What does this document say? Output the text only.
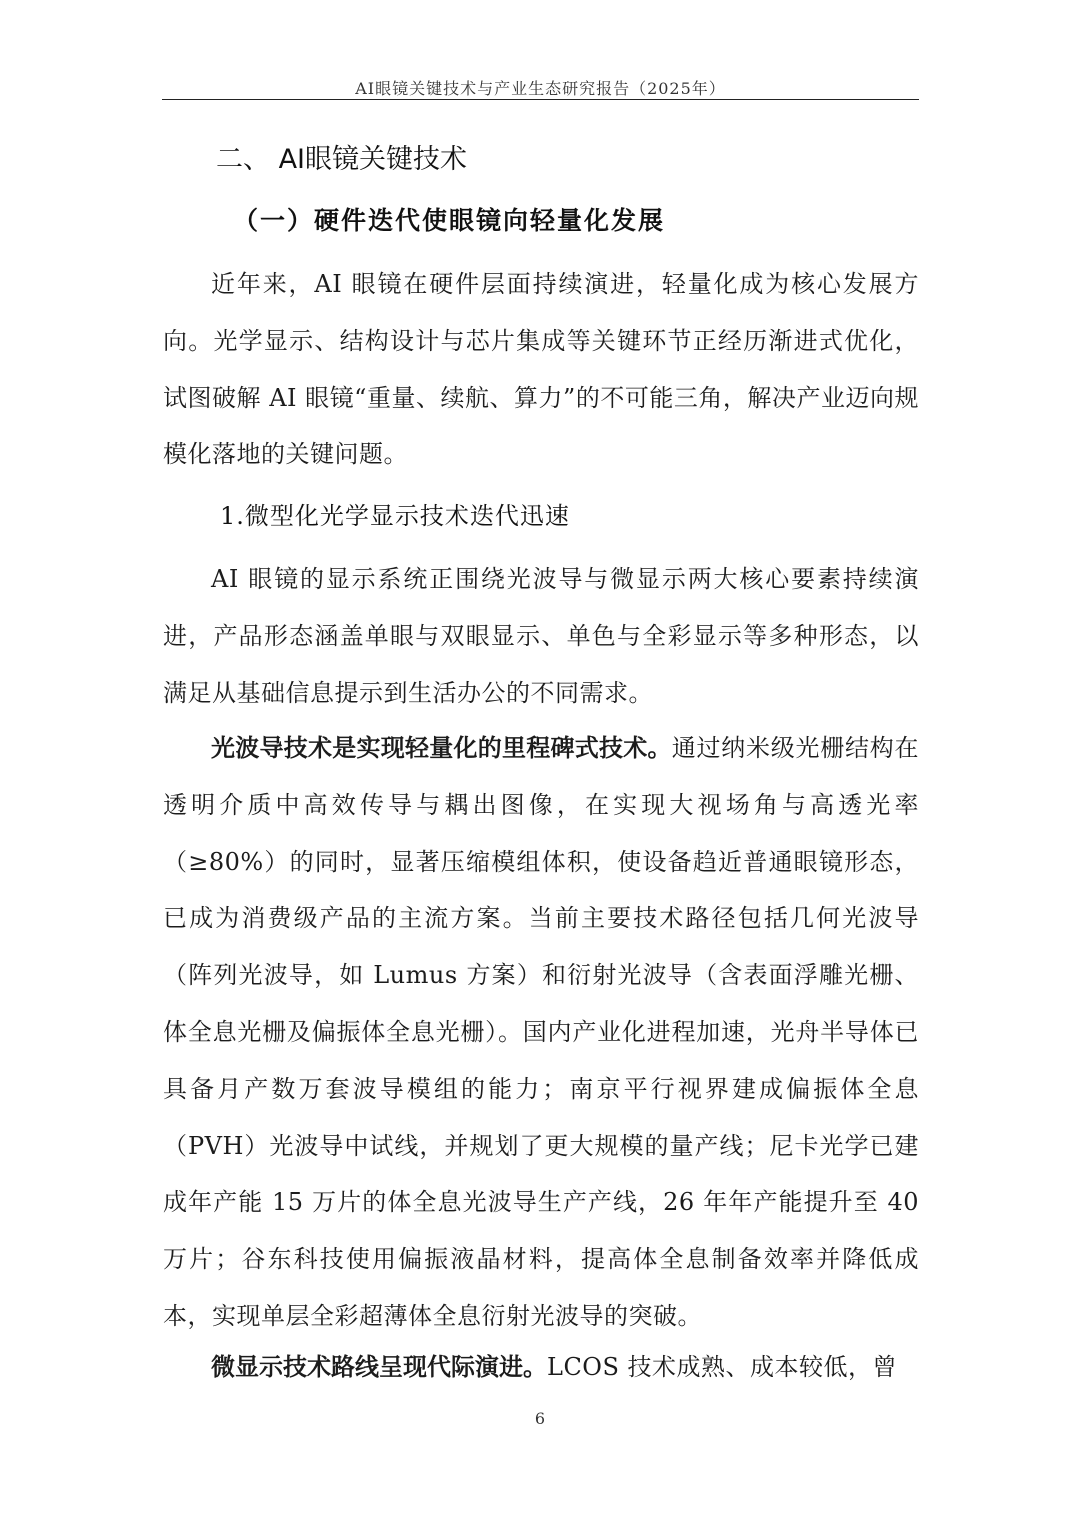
AI眼镜关键技术与产业生态研究报告（2025年）
二、 AI眼镜关键技术
（一）硬件迭代使眼镜向轻量化发展

近年来，AI 眼镜在硬件层面持续演进，轻量化成为核心发展方向。光学显示、结构设计与芯片集成等关键环节正经历渐进式优化，试图破解 AI 眼镜“重量、续航、算力”的不可能三角，解决产业迈向规模化落地的关键问题。

1.微型化光学显示技术迭代迅速

AI 眼镜的显示系统正围绕光波导与微显示两大核心要素持续演进，产品形态涵盖单眼与双眼显示、单色与全彩显示等多种形态，以满足从基础信息提示到生活办公的不同需求。

光波导技术是实现轻量化的里程碑式技术。通过纳米级光栅结构在透明介质中高效传导与耦出图像，在实现大视场角与高透光率（≥80%）的同时，显著压缩模组体积，使设备趋近普通眼镜形态，已成为消费级产品的主流方案。当前主要技术路径包括几何光波导（阵列光波导，如 Lumus 方案）和衍射光波导（含表面浮雕光栅、体全息光栅及偏振体全息光栅）。国内产业化进程加速，光舟半导体已具备月产数万套波导模组的能力；南京平行视界建成偏振体全息（PVH）光波导中试线，并规划了更大规模的量产线；尼卡光学已建成年产能 15 万片的体全息光波导生产产线，26 年年产能提升至 40 万片；谷东科技使用偏振液晶材料，提高体全息制备效率并降低成本，实现单层全彩超薄体全息衍射光波导的突破。

微显示技术路线呈现代际演进。LCOS 技术成熟、成本较低，曾

6
